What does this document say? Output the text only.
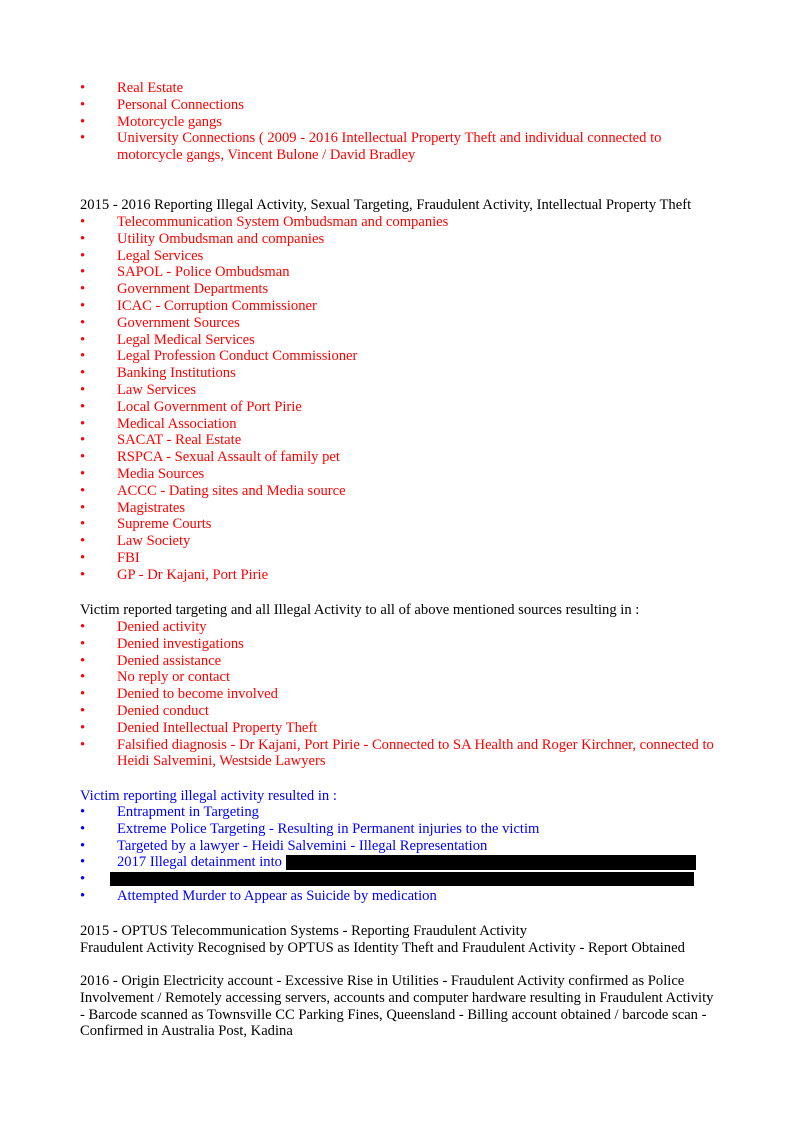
• Real Estate
• Personal Connections
• Motorcycle gangs
• University Connections ( 2009 - 2016 Intellectual Property Theft and individual connected to motorcycle gangs, Vincent Bulone / David Bradley

2015 - 2016 Reporting Illegal Activity, Sexual Targeting, Fraudulent Activity, Intellectual Property Theft

• Telecommunication System Ombudsman and companies
• Utility Ombudsman and companies
• Legal Services
• SAPOL - Police Ombudsman
• Government Departments
• ICAC - Corruption Commissioner
• Government Sources
• Legal Medical Services
• Legal Profession Conduct Commissioner
• Banking Institutions
• Law Services
• Local Government of Port Pirie
• Medical Association
• SACAT - Real Estate
• RSPCA - Sexual Assault of family pet
• Media Sources
• ACCC - Dating sites and Media source
• Magistrates
• Supreme Courts
• Law Society
• FBI
• GP - Dr Kajani, Port Pirie

Victim reported targeting and all Illegal Activity to all of above mentioned sources resulting in :

• Denied activity
• Denied investigations
• Denied assistance
• No reply or contact
• Denied to become involved
• Denied conduct
• Denied Intellectual Property Theft
• Falsified diagnosis - Dr Kajani, Port Pirie - Connected to SA Health and Roger Kirchner, connected to Heidi Salvemini, Westside Lawyers

Victim reporting illegal activity resulted in :

• Entrapment in Targeting
• Extreme Police Targeting - Resulting in Permanent injuries to the victim
• Targeted by a lawyer - Heidi Salvemini - Illegal Representation
• 2017 Illegal detainment into
•

• Attempted Murder to Appear as Suicide by medication

2015 - OPTUS Telecommunication Systems - Reporting Fraudulent Activity
Fraudulent Activity Recognised by OPTUS as Identity Theft and Fraudulent Activity - Report Obtained

2016 - Origin Electricity account - Excessive Rise in Utilities - Fraudulent Activity confirmed as Police Involvement / Remotely accessing servers, accounts and computer hardware resulting in Fraudulent Activity - Barcode scanned as Townsville CC Parking Fines, Queensland - Billing account obtained / barcode scan - Confirmed in Australia Post, Kadina
